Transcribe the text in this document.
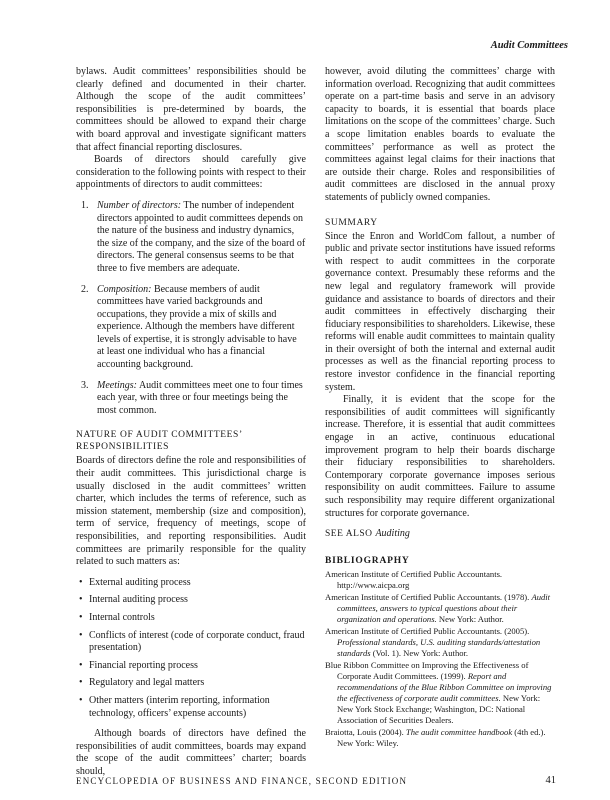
Audit Committees

bylaws. Audit committees’ responsibilities should be clearly defined and documented in their charter. Although the scope of the audit committees’ responsibilities is pre-determined by boards, the committees should be allowed to expand their charge with board approval and investigate significant matters that affect financial reporting disclosures.

Boards of directors should carefully give consideration to the following points with respect to their appointments of directors to audit committees:

1. Number of directors: The number of independent directors appointed to audit committees depends on the nature of the business and industry dynamics, the size of the company, and the size of the board of directors. The general consensus seems to be that three to five members are adequate.
2. Composition: Because members of audit committees have varied backgrounds and occupations, they provide a mix of skills and experience. Although the members have different levels of expertise, it is strongly advisable to have at least one individual who has a financial accounting background.
3. Meetings: Audit committees meet one to four times each year, with three or four meetings being the most common.
NATURE OF AUDIT COMMITTEES’ RESPONSIBILITIES

Boards of directors define the role and responsibilities of their audit committees. This jurisdictional charge is usually disclosed in the audit committees’ written charter, which includes the terms of reference, such as mission statement, membership (size and composition), term of service, frequency of meetings, scope of responsibilities, and reporting responsibilities. Audit committees are primarily responsible for the quality related to such matters as:

• External auditing process
• Internal auditing process
• Internal controls
• Conflicts of interest (code of corporate conduct, fraud presentation)
• Financial reporting process
• Regulatory and legal matters
• Other matters (interim reporting, information technology, officers’ expense accounts)

Although boards of directors have defined the responsibilities of audit committees, boards may expand the scope of the audit committees’ charter; boards should,

however, avoid diluting the committees’ charge with information overload. Recognizing that audit committees operate on a part-time basis and serve in an advisory capacity to boards, it is essential that boards place limitations on the scope of the committees’ charge. Such a scope limitation enables boards to evaluate the committees’ performance as well as protect the committees against legal claims for their inactions that are outside their charge. Roles and responsibilities of audit committees are disclosed in the annual proxy statements of publicly owned companies.

SUMMARY

Since the Enron and WorldCom fallout, a number of public and private sector institutions have issued reforms with respect to audit committees in the corporate governance context. Presumably these reforms and the new legal and regulatory framework will provide guidance and assistance to boards of directors and their audit committees in effectively discharging their fiduciary responsibilities to shareholders. Likewise, these reforms will enable audit committees to maintain quality in their oversight of both the internal and external audit processes as well as the financial reporting process to restore investor confidence in the financial reporting system.

Finally, it is evident that the scope for the responsibilities of audit committees will significantly increase. Therefore, it is essential that audit committees engage in an active, continuous educational improvement program to help their boards discharge their fiduciary responsibilities to shareholders. Contemporary corporate governance imposes serious responsibility on audit committees. Failure to assume such responsibility may require different organizational structures for corporate governance.

SEE ALSO Auditing
BIBLIOGRAPHY
American Institute of Certified Public Accountants. http://www.aicpa.org
American Institute of Certified Public Accountants. (1978). Audit committees, answers to typical questions about their organization and operations. New York: Author.
American Institute of Certified Public Accountants. (2005). Professional standards, U.S. auditing standards/attestation standards (Vol. 1). New York: Author.
Blue Ribbon Committee on Improving the Effectiveness of Corporate Audit Committees. (1999). Report and recommendations of the Blue Ribbon Committee on improving the effectiveness of corporate audit committees. New York: New York Stock Exchange; Washington, DC: National Association of Securities Dealers.
Braiotta, Louis (2004). The audit committee handbook (4th ed.). New York: Wiley.
ENCYCLOPEDIA OF BUSINESS AND FINANCE, SECOND EDITION	41
